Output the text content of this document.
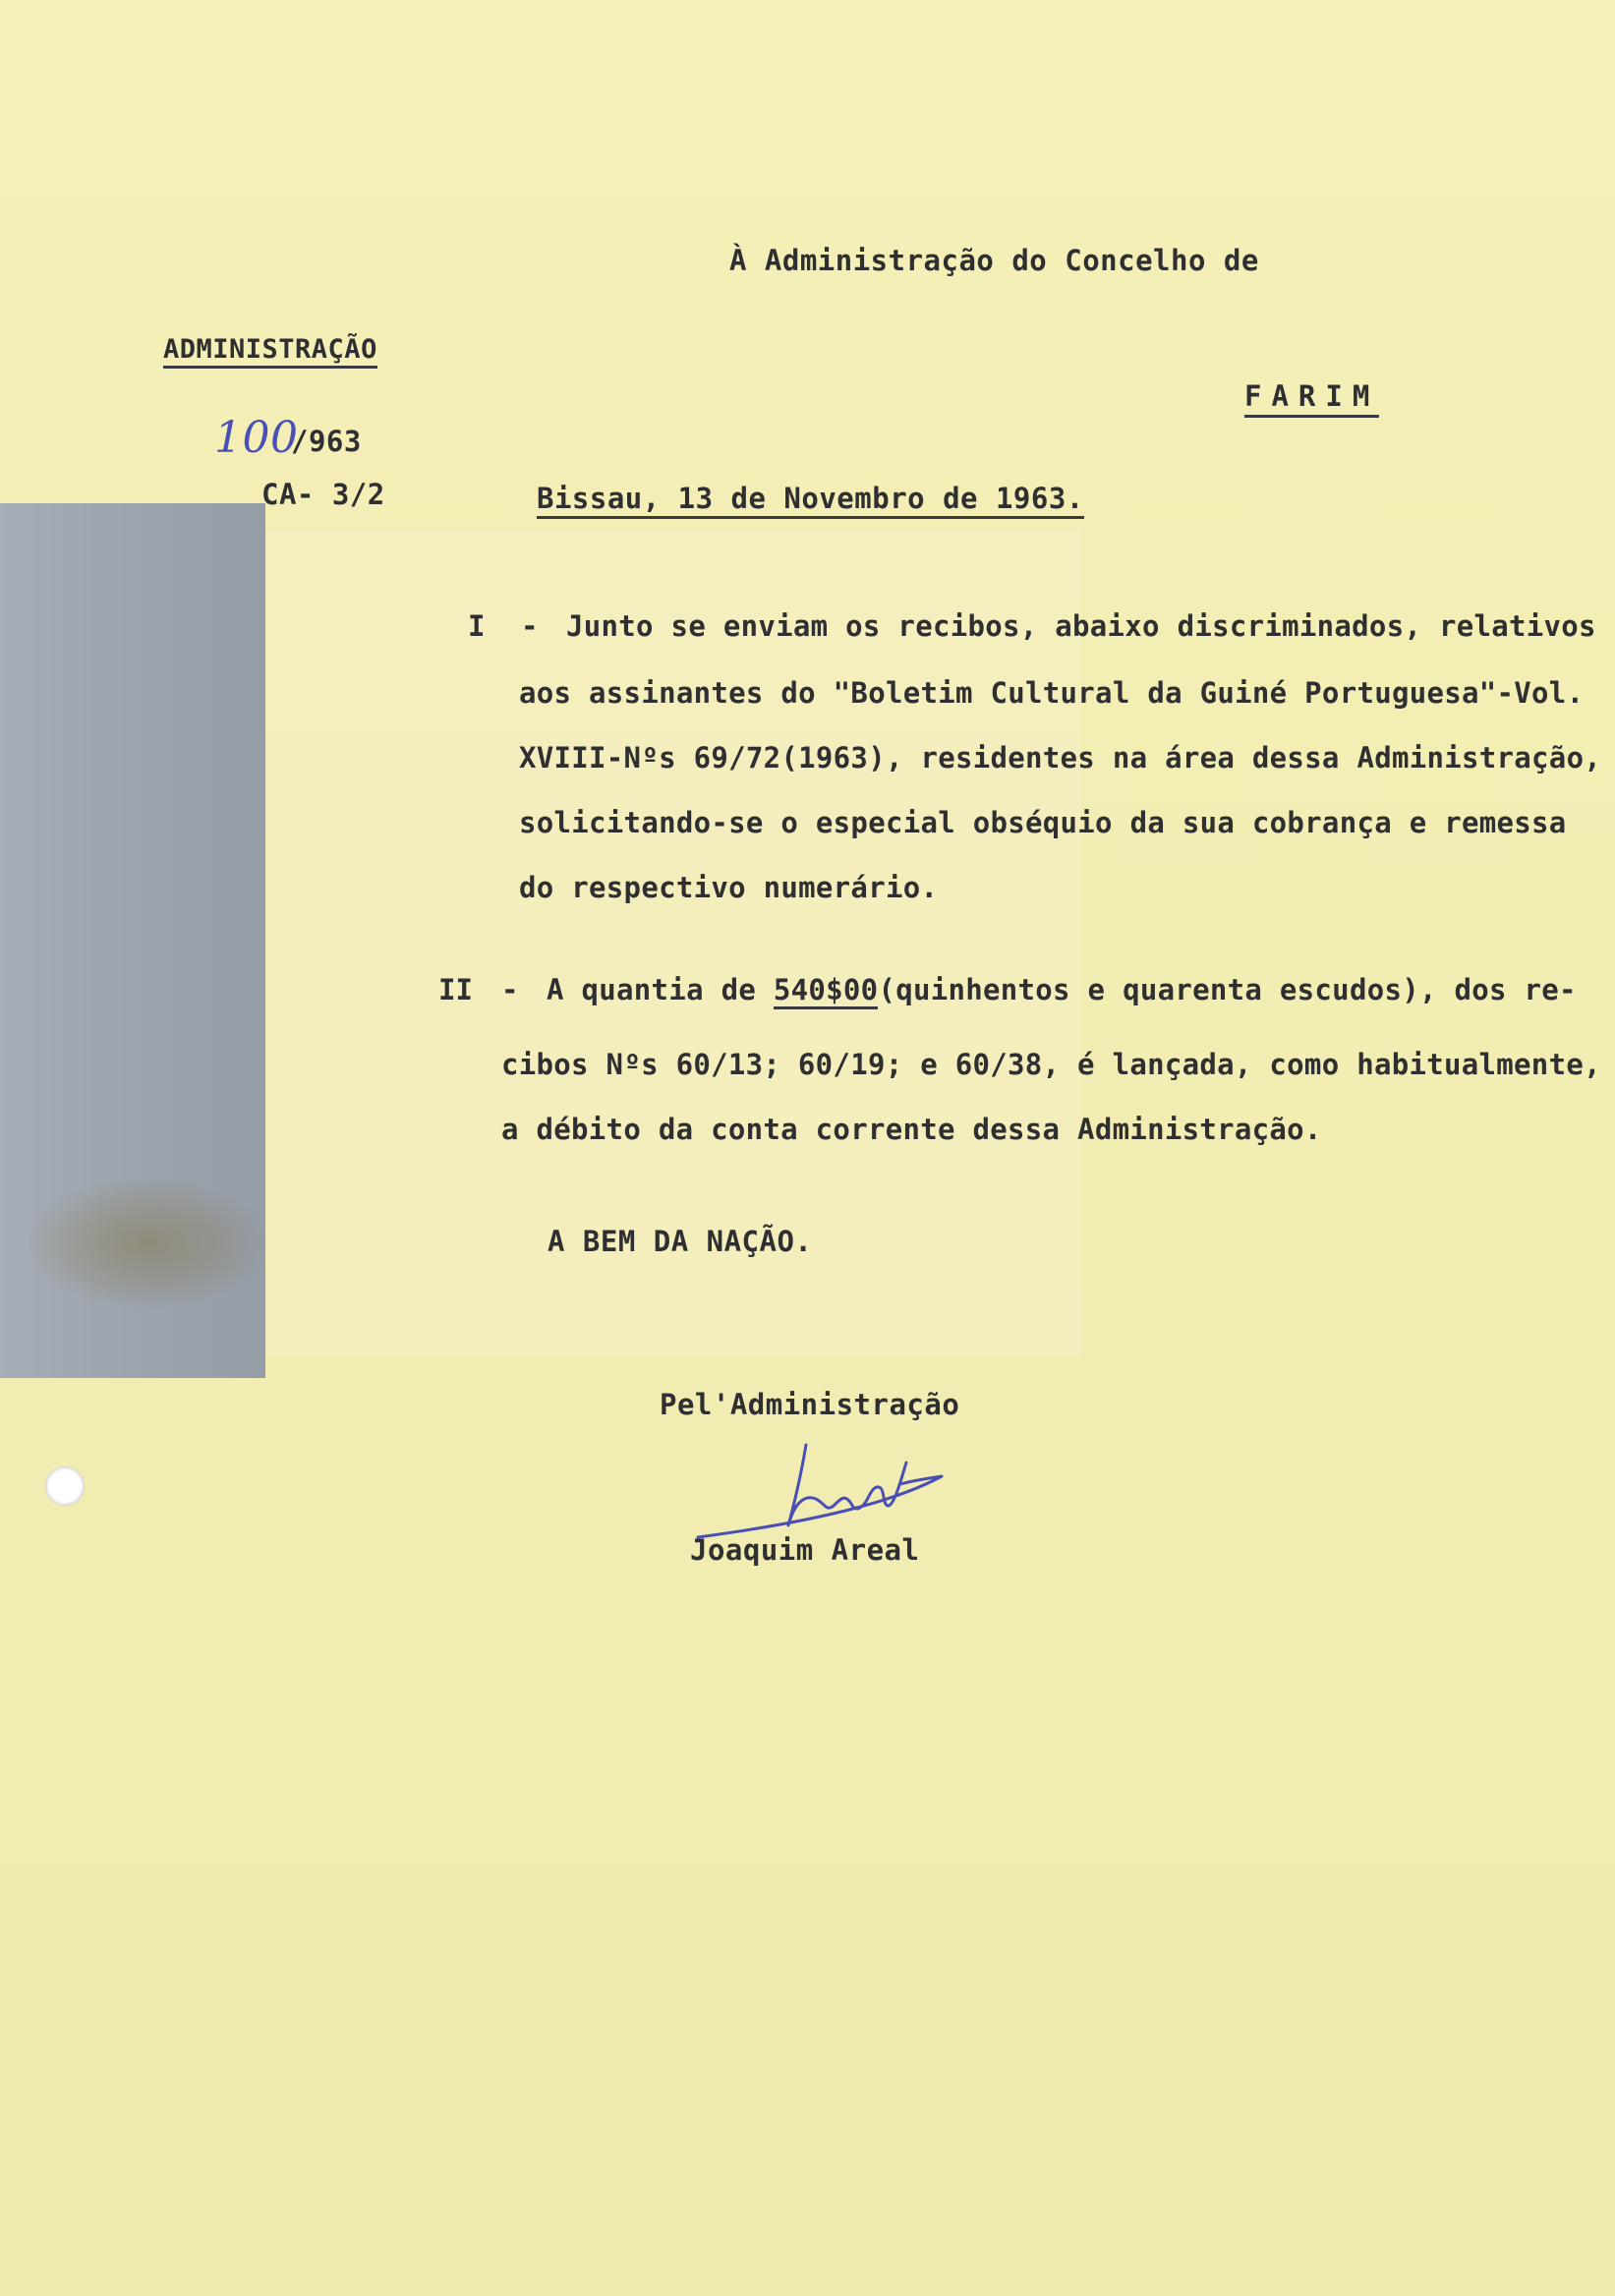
À Administração do Concelho de
FARIM
ADMINISTRAÇÃO
100
/963
CA- 3/2	Bissau, 13 de Novembro de 1963.
I - Junto se enviam os recibos, abaixo discriminados, relativos
aos assinantes do "Boletim Cultural da Guiné Portuguesa"-Vol.
XVIII-Nºs 69/72(1963), residentes na área dessa Administração,
solicitando-se o especial obséquio da sua cobrança e remessa
do respectivo numerário.
II - A quantia de 540$00(quinhentos e quarenta escudos), dos re-
cibos Nºs 60/13; 60/19; e 60/38, é lançada, como habitualmente,
a débito da conta corrente dessa Administração.
A BEM DA NAÇÃO.
Pel'Administração
Joaquim Areal
